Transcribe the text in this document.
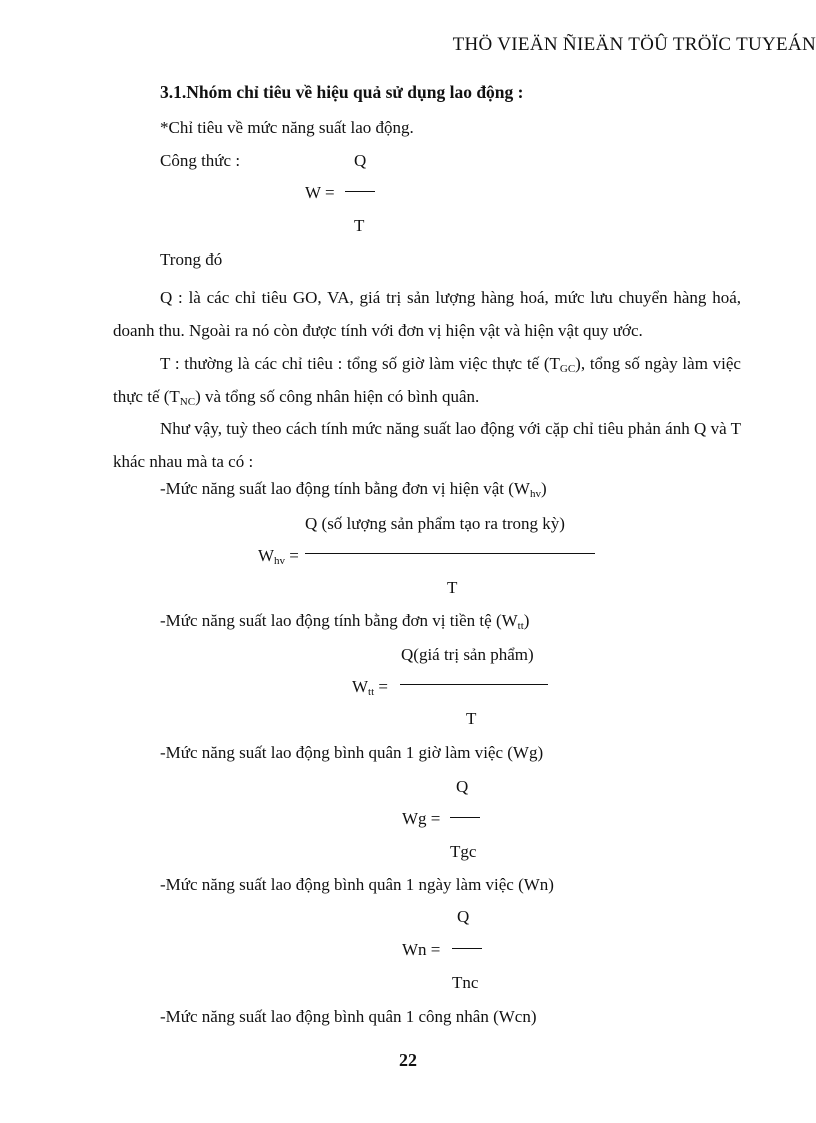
THÖ VIEÄN ÑIEÄN TÖÛ TRÖÏC TUYEÁN
3.1.Nhóm chỉ tiêu về hiệu quả sử dụng lao động :
*Chỉ tiêu về mức năng suất lao động.
Công thức :	Q
W =
T
Trong đó
Q : là các chỉ tiêu GO, VA, giá trị sản lượng hàng hoá, mức lưu chuyển hàng hoá, doanh thu. Ngoài ra nó còn được tính với đơn vị hiện vật và hiện vật quy ước.
T : thường là các chỉ tiêu : tổng số giờ làm việc thực tế $(T_{GC})$, tổng số ngày làm việc thực tế $(T_{NC})$ và tổng số công nhân hiện có bình quân.
Như vậy, tuỳ theo cách tính mức năng suất lao động với cặp chỉ tiêu phản ánh Q và T khác nhau mà ta có :
-Mức năng suất lao động tính bằng đơn vị hiện vật $(W_{hv})$
Q (số lượng sản phẩm tạo ra trong kỳ)
$W_{hv}$ =
T
-Mức năng suất lao động tính bằng đơn vị tiền tệ $(W_{tt})$
Q(giá trị sản phẩm)
$W_{tt}$ =
T
-Mức năng suất lao động bình quân 1 giờ làm việc (Wg)
Q
Wg =
Tgc
-Mức năng suất lao động bình quân 1 ngày làm việc (Wn)
Q
Wn =
Tnc
-Mức năng suất lao động bình quân 1 công nhân (Wcn)
22
